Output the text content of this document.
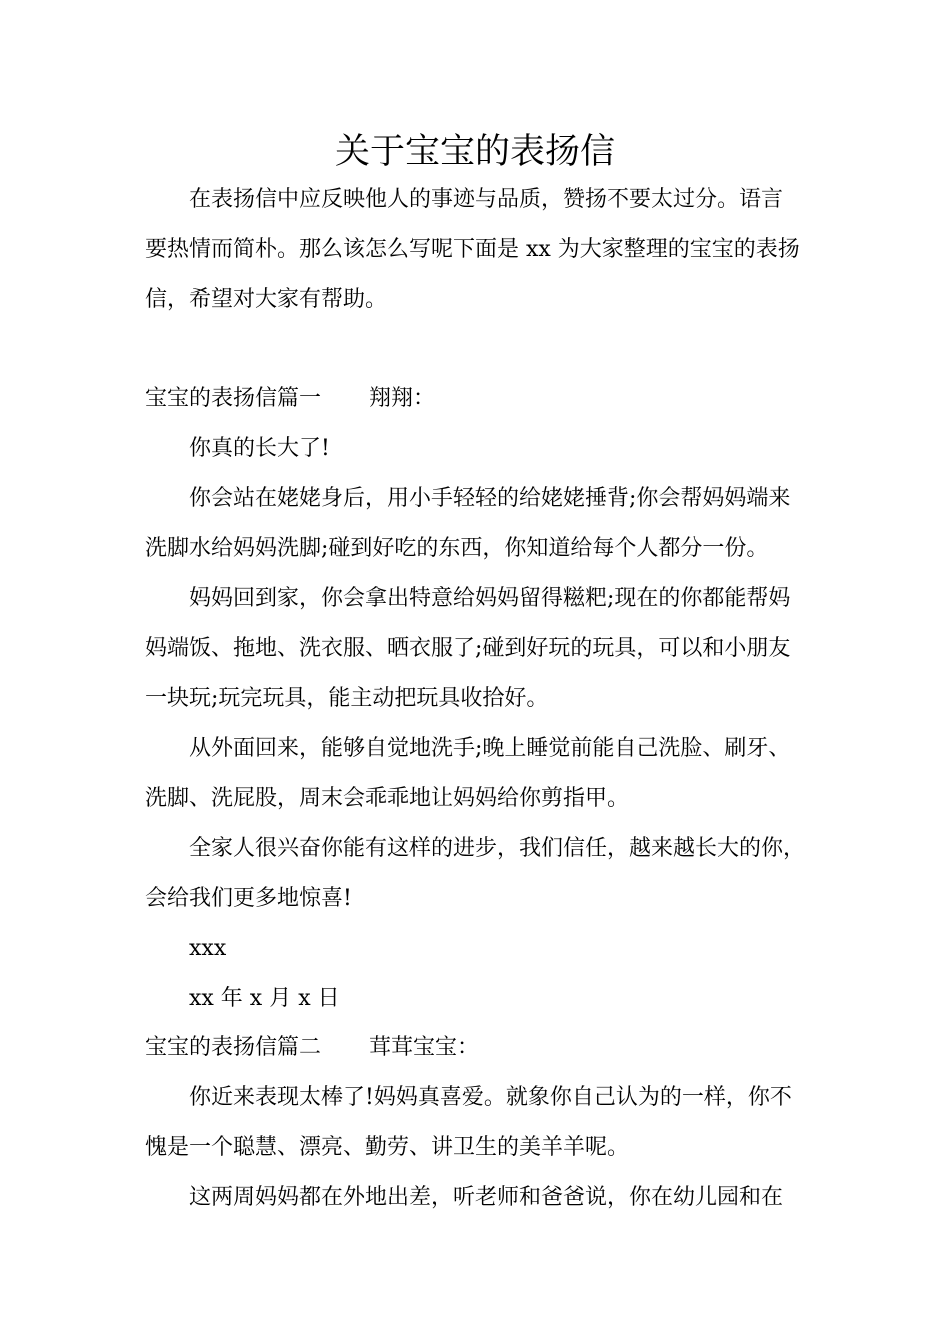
关于宝宝的表扬信
在表扬信中应反映他人的事迹与品质，赞扬不要太过分。语言
要热情而简朴。那么该怎么写呢下面是 xx 为大家整理的宝宝的表扬
信，希望对大家有帮助。
宝宝的表扬信篇一 翔翔：
你真的长大了!
你会站在姥姥身后，用小手轻轻的给姥姥捶背;你会帮妈妈端来
洗脚水给妈妈洗脚;碰到好吃的东西，你知道给每个人都分一份。
妈妈回到家，你会拿出特意给妈妈留得糍粑;现在的你都能帮妈
妈端饭、拖地、洗衣服、晒衣服了;碰到好玩的玩具，可以和小朋友
一块玩;玩完玩具，能主动把玩具收拾好。
从外面回来，能够自觉地洗手;晚上睡觉前能自己洗脸、刷牙、
洗脚、洗屁股，周末会乖乖地让妈妈给你剪指甲。
全家人很兴奋你能有这样的进步，我们信任，越来越长大的你，
会给我们更多地惊喜!
xxx
xx 年 x 月 x 日
宝宝的表扬信篇二 茸茸宝宝：
你近来表现太棒了!妈妈真喜爱。就象你自己认为的一样，你不
愧是一个聪慧、漂亮、勤劳、讲卫生的美羊羊呢。
这两周妈妈都在外地出差，听老师和爸爸说，你在幼儿园和在
